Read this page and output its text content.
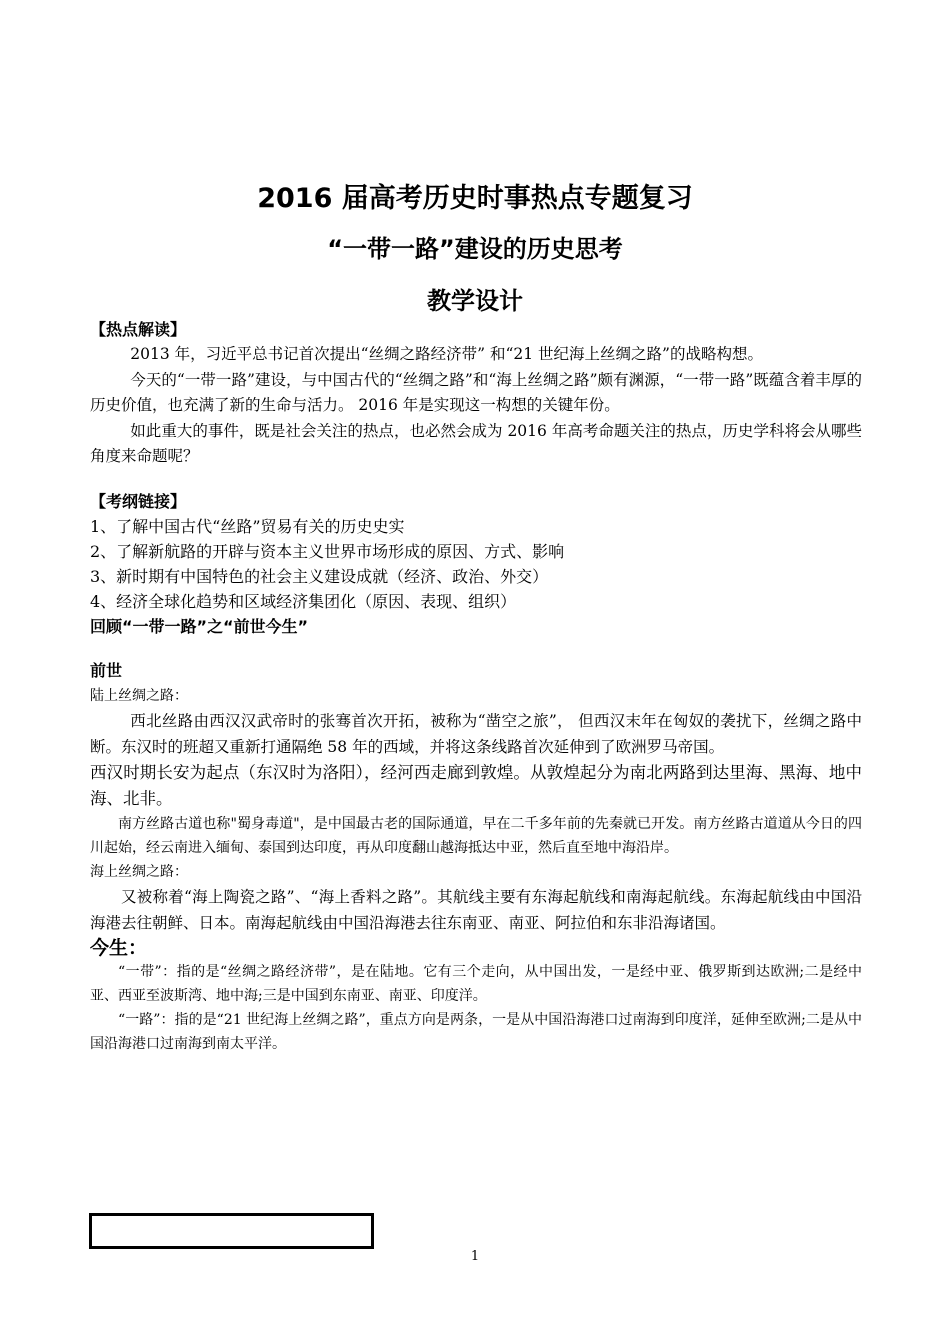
2016 届高考历史时事热点专题复习
“一带一路”建设的历史思考
教学设计
【热点解读】
2013 年，习近平总书记首次提出“丝绸之路经济带” 和“21 世纪海上丝绸之路”的战略构想。
今天的“一带一路”建设，与中国古代的“丝绸之路”和“海上丝绸之路”颇有渊源，“一带一路”既蕴含着丰厚的历史价值，也充满了新的生命与活力。 2016 年是实现这一构想的关键年份。
如此重大的事件，既是社会关注的热点，也必然会成为 2016 年高考命题关注的热点，历史学科将会从哪些角度来命题呢？
【考纲链接】
1、了解中国古代“丝路”贸易有关的历史史实
2、了解新航路的开辟与资本主义世界市场形成的原因、方式、影响
3、新时期有中国特色的社会主义建设成就（经济、政治、外交）
4、经济全球化趋势和区域经济集团化（原因、表现、组织）
回顾“一带一路”之“前世今生”
前世
陆上丝绸之路：
西北丝路由西汉汉武帝时的张骞首次开拓，被称为“凿空之旅”， 但西汉末年在匈奴的袭扰下，丝绸之路中断。东汉时的班超又重新打通隔绝 58 年的西域，并将这条线路首次延伸到了欧洲罗马帝国。
西汉时期长安为起点（东汉时为洛阳），经河西走廊到敦煌。从敦煌起分为南北两路到达里海、黑海、地中海、北非。
南方丝路古道也称"蜀身毒道"，是中国最古老的国际通道，早在二千多年前的先秦就已开发。南方丝路古道道从今日的四川起始，经云南进入缅甸、泰国到达印度，再从印度翻山越海抵达中亚，然后直至地中海沿岸。
海上丝绸之路：
又被称着“海上陶瓷之路”、“海上香料之路”。其航线主要有东海起航线和南海起航线。东海起航线由中国沿海港去往朝鲜、日本。南海起航线由中国沿海港去往东南亚、南亚、阿拉伯和东非沿海诸国。
今生：
“一带”：指的是“丝绸之路经济带”，是在陆地。它有三个走向，从中国出发，一是经中亚、俄罗斯到达欧洲;二是经中亚、西亚至波斯湾、地中海;三是中国到东南亚、南亚、印度洋。
“一路”：指的是“21 世纪海上丝绸之路”，重点方向是两条，一是从中国沿海港口过南海到印度洋，延伸至欧洲;二是从中国沿海港口过南海到南太平洋。
1
